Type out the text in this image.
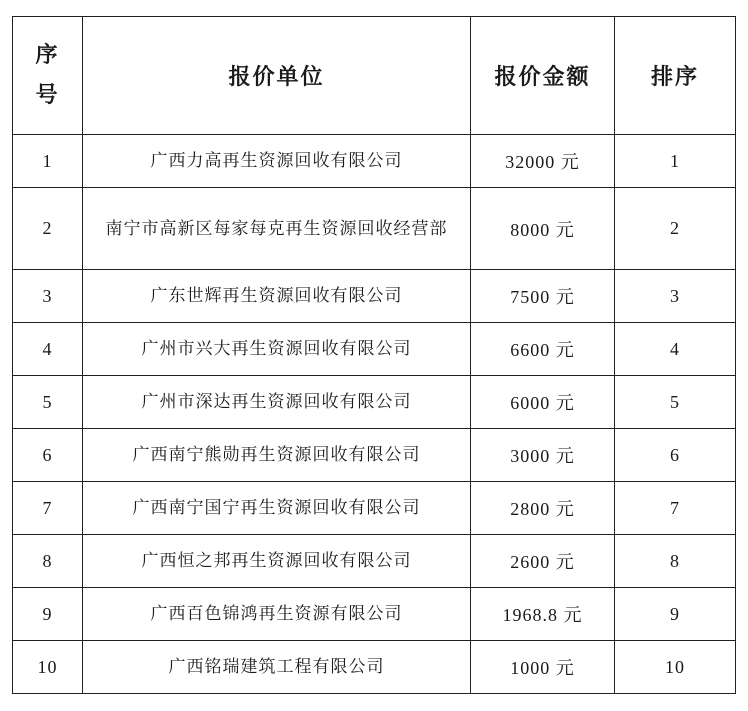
序
号	报价单位	报价金额	排序
1	广西力高再生资源回收有限公司	32000 元	1
2	南宁市高新区每家每克再生资源回收经营部	8000 元	2
3	广东世辉再生资源回收有限公司	7500 元	3
4	广州市兴大再生资源回收有限公司	6600 元	4
5	广州市深达再生资源回收有限公司	6000 元	5
6	广西南宁熊勋再生资源回收有限公司	3000 元	6
7	广西南宁国宁再生资源回收有限公司	2800 元	7
8	广西恒之邦再生资源回收有限公司	2600 元	8
9	广西百色锦鸿再生资源有限公司	1968.8 元	9
10	广西铭瑞建筑工程有限公司	1000 元	10
